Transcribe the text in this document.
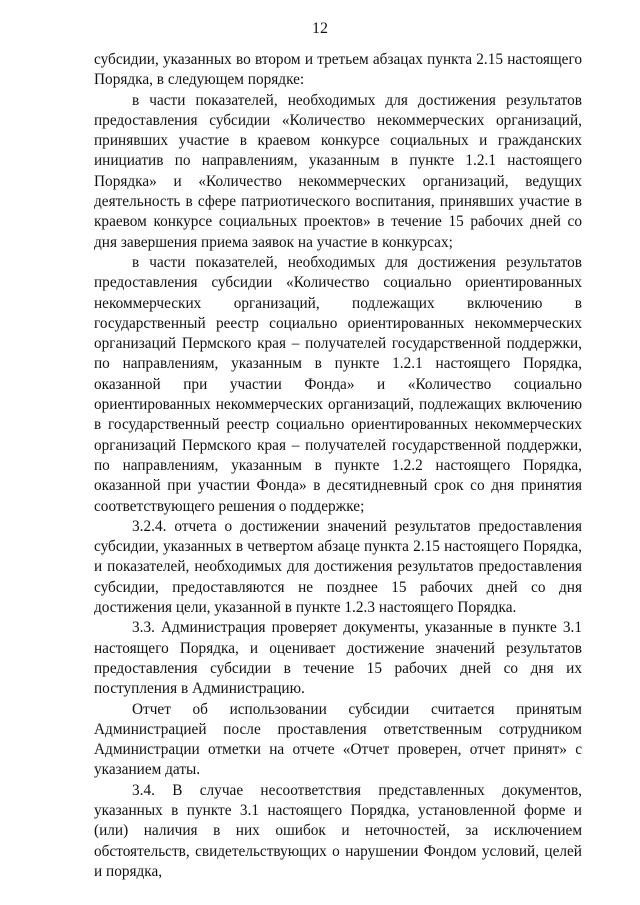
12

субсидии, указанных во втором и третьем абзацах пункта 2.15 настоящего Порядка, в следующем порядке:

в части показателей, необходимых для достижения результатов предоставления субсидии «Количество некоммерческих организаций, принявших участие в краевом конкурсе социальных и гражданских инициатив по направлениям, указанным в пункте 1.2.1 настоящего Порядка» и «Количество некоммерческих организаций, ведущих деятельность в сфере патриотического воспитания, принявших участие в краевом конкурсе социальных проектов» в течение 15 рабочих дней со дня завершения приема заявок на участие в конкурсах;

в части показателей, необходимых для достижения результатов предоставления субсидии «Количество социально ориентированных некоммерческих организаций, подлежащих включению в государственный реестр социально ориентированных некоммерческих организаций Пермского края – получателей государственной поддержки, по направлениям, указанным в пункте 1.2.1 настоящего Порядка, оказанной при участии Фонда» и «Количество социально ориентированных некоммерческих организаций, подлежащих включению в государственный реестр социально ориентированных некоммерческих организаций Пермского края – получателей государственной поддержки, по направлениям, указанным в пункте 1.2.2 настоящего Порядка, оказанной при участии Фонда» в десятидневный срок со дня принятия соответствующего решения о поддержке;

3.2.4. отчета о достижении значений результатов предоставления субсидии, указанных в четвертом абзаце пункта 2.15 настоящего Порядка, и показателей, необходимых для достижения результатов предоставления субсидии, предоставляются не позднее 15 рабочих дней со дня достижения цели, указанной в пункте 1.2.3 настоящего Порядка.

3.3. Администрация проверяет документы, указанные в пункте 3.1 настоящего Порядка, и оценивает достижение значений результатов предоставления субсидии в течение 15 рабочих дней со дня их поступления в Администрацию.

Отчет об использовании субсидии считается принятым Администрацией после проставления ответственным сотрудником Администрации отметки на отчете «Отчет проверен, отчет принят» с указанием даты.

3.4. В случае несоответствия представленных документов, указанных в пункте 3.1 настоящего Порядка, установленной форме и (или) наличия в них ошибок и неточностей, за исключением обстоятельств, свидетельствующих о нарушении Фондом условий, целей и порядка,
